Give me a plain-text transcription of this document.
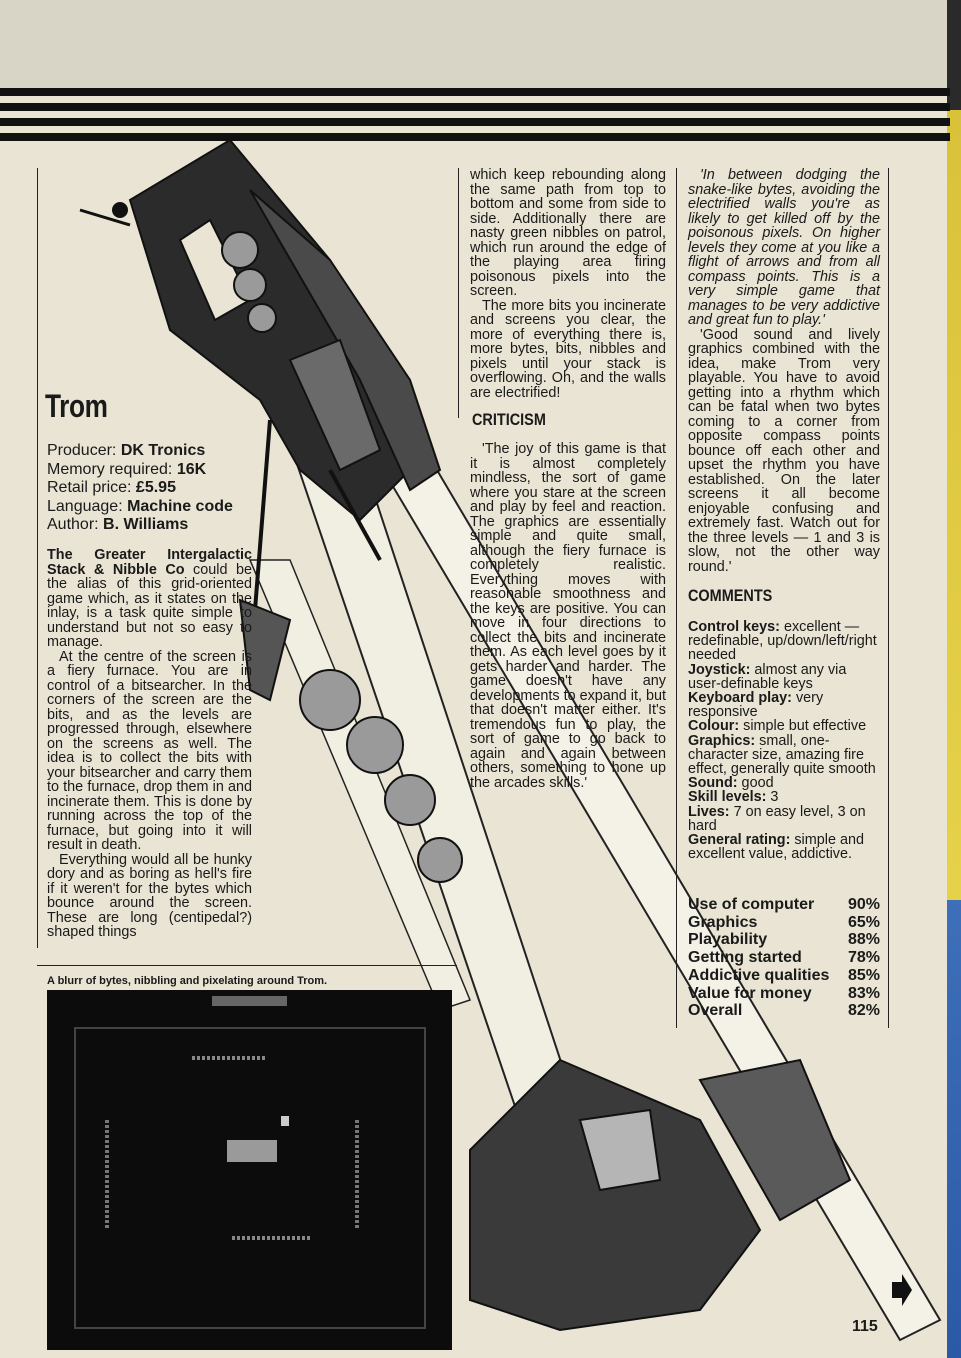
Trom
Producer: DK Tronics
Memory required: 16K
Retail price: £5.95
Language: Machine code
Author: B. Williams

The Greater Intergalactic Stack & Nibble Co could be the alias of this grid-oriented game which, as it states on the inlay, is a task quite simple to understand but not so easy to manage.

At the centre of the screen is a fiery furnace. You are in control of a bitsearcher. In the corners of the screen are the bits, and as the levels are progressed through, elsewhere on the screens as well. The idea is to collect the bits with your bitsearcher and carry them to the furnace, drop them in and incinerate them. This is done by running across the top of the furnace, but going into it will result in death.

Everything would all be hunky dory and as boring as hell's fire if it weren't for the bytes which bounce around the screen. These are long (centipedal?) shaped things

which keep rebounding along the same path from top to bottom and some from side to side. Additionally there are nasty green nibbles on patrol, which run around the edge of the playing area firing poisonous pixels into the screen.

The more bits you incinerate and screens you clear, the more of everything there is, more bytes, bits, nibbles and pixels until your stack is overflowing. Oh, and the walls are electrified!

CRITICISM

'The joy of this game is that it is almost completely mindless, the sort of game where you stare at the screen and play by feel and reaction. The graphics are essentially simple and quite small, although the fiery furnace is completely realistic. Everything moves with reasonable smoothness and the keys are positive. You can move in four directions to collect the bits and incinerate them. As each level goes by it gets harder and harder. The game doesn't have any developments to expand it, but that doesn't matter either. It's tremendous fun to play, the sort of game to go back to again and again between others, something to hone up the arcades skills.'

'In between dodging the snake-like bytes, avoiding the electrified walls you're as likely to get killed off by the poisonous pixels. On higher levels they come at you like a flight of arrows and from all compass points. This is a very simple game that manages to be very addictive and great fun to play.'

'Good sound and lively graphics combined with the idea, make Trom very playable. You have to avoid getting into a rhythm which can be fatal when two bytes coming to a corner from opposite compass points bounce off each other and upset the rhythm you have established. On the later screens it all become enjoyable confusing and extremely fast. Watch out for the three levels — 1 and 3 is slow, not the other way round.'

COMMENTS
Control keys: excellent — redefinable, up/down/left/right needed
Joystick: almost any via user-definable keys
Keyboard play: very responsive
Colour: simple but effective
Graphics: small, one-character size, amazing fire effect, generally quite smooth
Sound: good
Skill levels: 3
Lives: 7 on easy level, 3 on hard
General rating: simple and excellent value, addictive.
Use of computer 90%
Graphics	65%
Playability	88%
Getting started	78%
Addictive qualities 85%
Value for money 83%
Overall	82%
A blurr of bytes, nibbling and pixelating around Trom.
115
